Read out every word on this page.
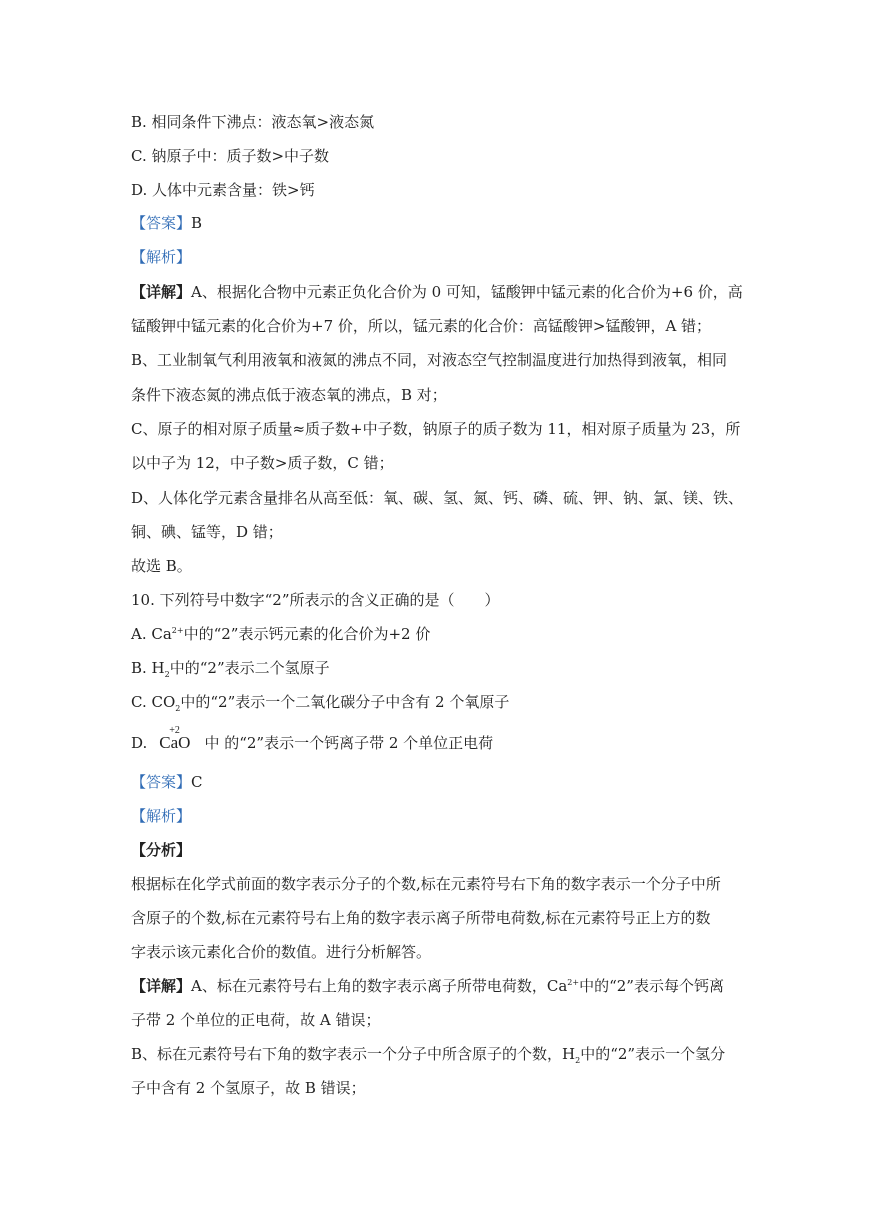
B. 相同条件下沸点：液态氧>液态氮
C. 钠原子中：质子数>中子数
D. 人体中元素含量：铁>钙
【答案】B
【解析】
【详解】A、根据化合物中元素正负化合价为 0 可知，锰酸钾中锰元素的化合价为+6 价，高
锰酸钾中锰元素的化合价为+7 价，所以，锰元素的化合价：高锰酸钾>锰酸钾，A 错；
B、工业制氧气利用液氧和液氮的沸点不同，对液态空气控制温度进行加热得到液氧，相同
条件下液态氮的沸点低于液态氧的沸点，B 对；
C、原子的相对原子质量≈质子数+中子数，钠原子的质子数为 11，相对原子质量为 23，所
以中子为 12，中子数>质子数，C 错；
D、人体化学元素含量排名从高至低：氧、碳、氢、氮、钙、磷、硫、钾、钠、氯、镁、铁、
铜、碘、锰等，D 错；
故选 B。
10. 下列符号中数字“2”所表示的含义正确的是（　　）
A. $Ca^{2+}$中的“2”表示钙元素的化合价为+2 价
B. $H_2$中的“2”表示二个氢原子
C. $CO_2$中的“2”表示一个二氧化碳分子中含有 2 个氧原子
D.
+2
CaO 中 的“2”表示一个钙离子带 2 个单位正电荷
【答案】C
【解析】
【分析】
根据标在化学式前面的数字表示分子的个数,标在元素符号右下角的数字表示一个分子中所
含原子的个数,标在元素符号右上角的数字表示离子所带电荷数,标在元素符号正上方的数
字表示该元素化合价的数值。进行分析解答。
【详解】A、标在元素符号右上角的数字表示离子所带电荷数，$Ca^{2+}$中的“2”表示每个钙离
子带 2 个单位的正电荷，故 A 错误；
B、标在元素符号右下角的数字表示一个分子中所含原子的个数，$H_2$中的“2”表示一个氢分
子中含有 2 个氢原子，故 B 错误；
